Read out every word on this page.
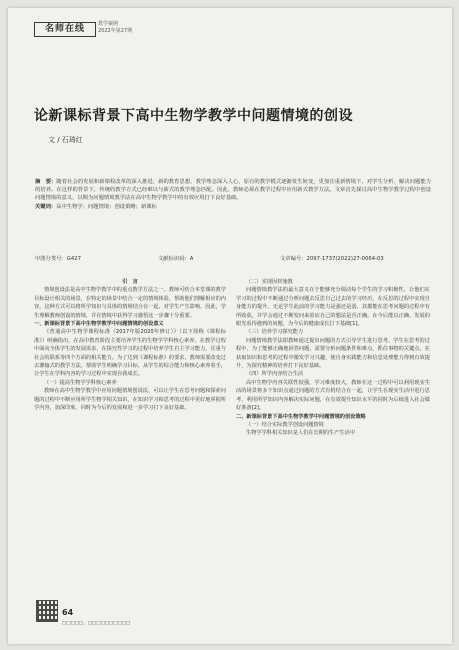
名师在线	教学案例
2022年第27期
论新课标背景下高中生物学教学中问题情境的创设
文 / 石琦红
摘　要：随着社会的发展和新课程改革的深入推进，新的教育思想、教学理念深入人心，原有的教学模式逐渐发生转变，更加注重新情境下，对学生分析、解决问题能力的培养。在这样的背景下，传统的教学方式已经难以与新式的教学理念匹配。因此，教师必须在教学过程中应用新式教学方法。文章首先探讨高中生物学教学过程中创设问题情境的意义，以期为问题情境教学法在高中生物学教学中的有效应用打下良好基础。
关键词：高中生物学；问题情境；创设策略；新课标
中图分类号：G427	文献标识码：A	文章编号：2097-1737(2022)27-0064-03

引　言

情境创设法是高中生物学教学中的重点教学方法之一。教师可结合本堂课的教学目标设计相关的场景，在特定的场景中结合一定的情境体验，帮助他们理解相应的内容。这种方式可以将所学知识与具体的情境结合在一起，对学生产生影响。因此，学生理解教师创设的情境，并在情境中获得学习感悟这一步骤十分重要。

一、新课标背景下高中生物学教学中问题情境的创设意义

《普通高中生物学课程标准（2017年版2020年修订）》（以下简称《课程标准》）明确指出，在高中教育阶段主要培养学生的生物学学科核心素养，在教学过程中面向全体学生的发展需求，在探究性学习的过程中培养学生自主学习能力，注重与社会的联系等四个方面的相关能力。为了达到《课程标准》的要求，教师需要改变过去灌输式的教学方法，帮助学生明确学习目标，从学生的综合能力和核心素养着手，让学生在学科内容的学习过程中实现自我成长。

（一）提高生物学学科核心素养

教师在高中生物学教学中应用问题情境创设法，可以让学生在思考问题和探索问题的过程中不断应用所学生物学相关知识，在知识学习和思考的过程中更好地掌握所学内容，加深印象，同时为今后的发展和进一步学习打下良好基础。

（二）实现因材施教

问题情境教学法的最大意义在于能够充分调动每个学生的学习积极性，让他们在学习的过程中不断通过分析问题去反思自己过去的学习经历，在反思的过程中实现自身能力的提升。无论学生此前的学习能力是强还是弱，其都能在思考问题的过程中有所收获，并学会通过不断发问来验证自己的想法是否正确。在今后能以正确、发展的眼光看待遇到的问题，为今后的健康成长打下基础[1]。

（三）培养学习探究能力

问题情境教学法即教师通过提出问题的方式引导学生进行思考。学生在思考的过程中，为了能够正确地回答问题，需要分析问题条件和难点，抓住事物的关键点，在获取知识和思考的过程中激发学习兴趣，使自身实践能力和信息处理能力得到有效提升，为探究精神的培养打下良好基础。

（四）所学内容结合生活

高中生物学内容关联性较强，学习难度较大，教师在这一过程中可以利用现实生活的场景将多个知识点通过问题的方式有机结合在一起，让学生在现实生活中进行思考，利用所学知识内容解决实际问题，在有效提升知识水平的同时为后续进入社会做好准备[2]。

二、新课标背景下高中生物学教学中问题情境的创设策略

（一）结合实际教学创设问题情境

生物学学科相关知识是人们在长期的生产生活中

64
□□□□□，□□□□□□□□□□
